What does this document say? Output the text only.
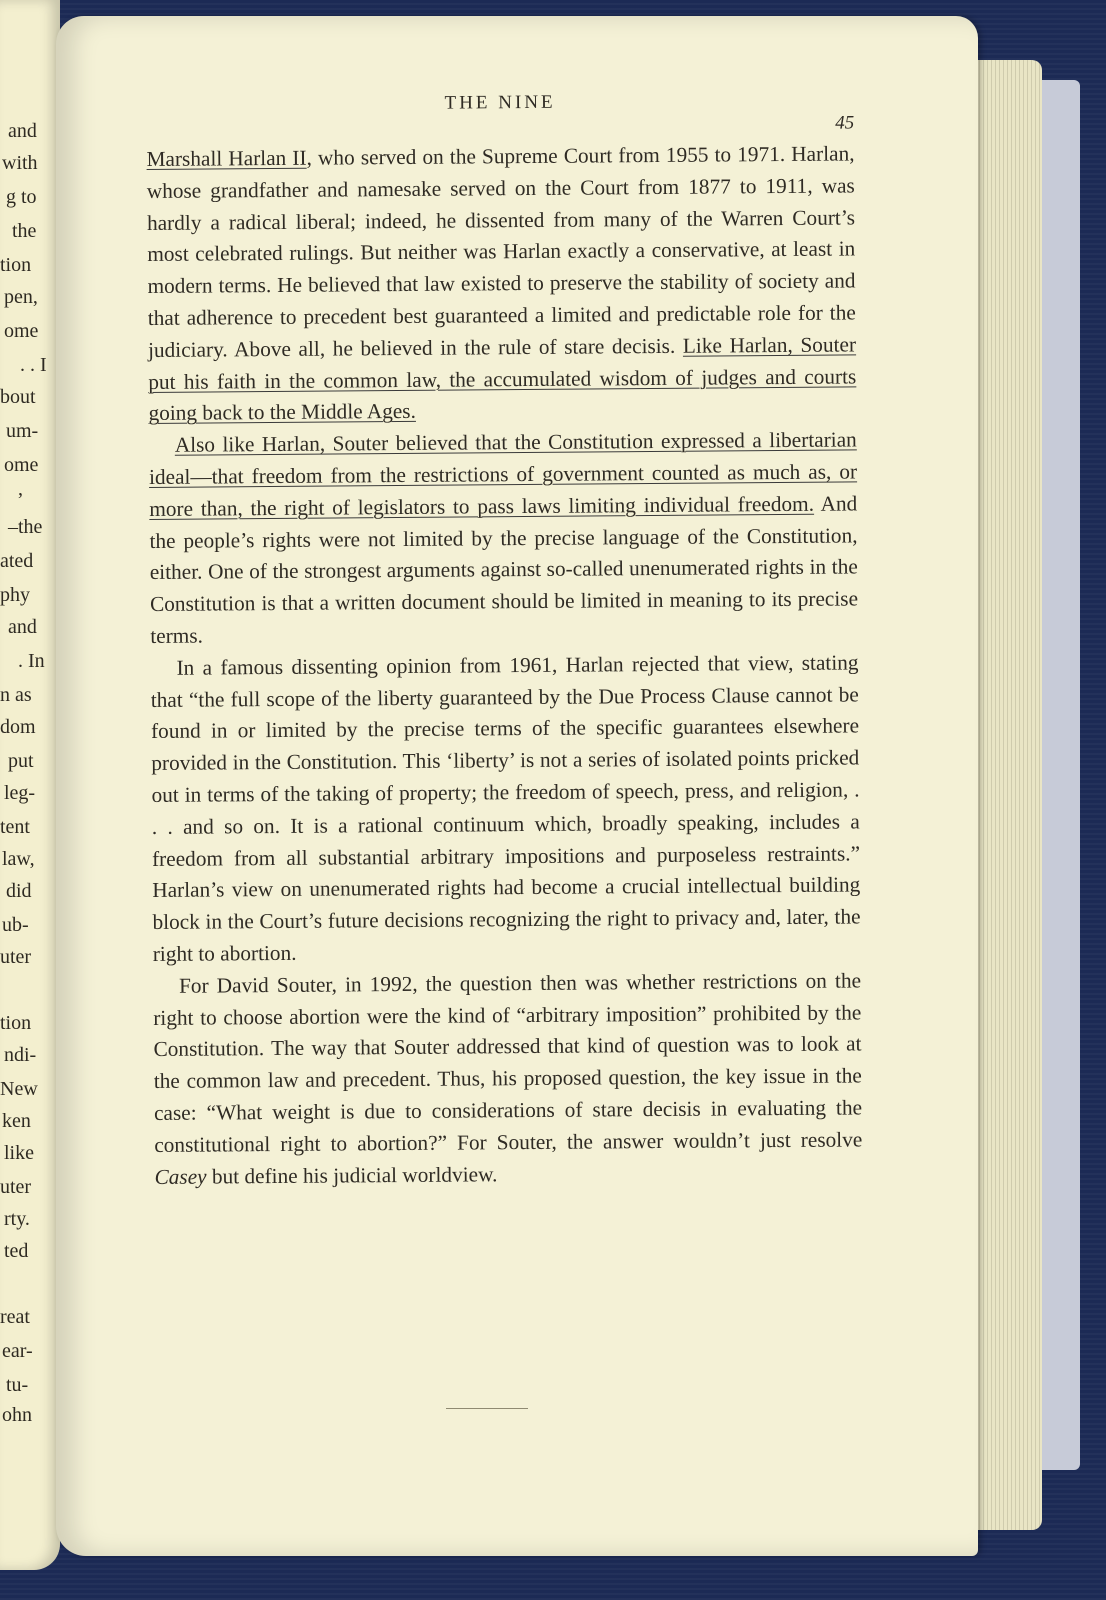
and
with
g to
the
tion
pen,
ome
. . I
bout
um-
ome
,
–the
ated
phy
and
. In
n as
dom
put
leg-
tent
law,
did
ub-
uter
tion
ndi-
New
ken
like
uter
rty.
ted
reat
ear-
tu-
ohn
THE NINE
45

Marshall Harlan II, who served on the Supreme Court from 1955 to 1971. Harlan, whose grandfather and namesake served on the Court from 1877 to 1911, was hardly a radical liberal; indeed, he dissented from many of the Warren Court’s most celebrated rulings. But neither was Harlan exactly a conservative, at least in modern terms. He believed that law existed to preserve the stability of society and that adherence to precedent best guaranteed a limited and predictable role for the judiciary. Above all, he believed in the rule of stare decisis. Like Harlan, Souter put his faith in the common law, the accumulated wisdom of judges and courts going back to the Middle Ages.

Also like Harlan, Souter believed that the Constitution expressed a libertarian ideal—that freedom from the restrictions of government counted as much as, or more than, the right of legislators to pass laws limiting individual freedom. And the people’s rights were not limited by the precise language of the Constitution, either. One of the strongest arguments against so-called unenumerated rights in the Constitution is that a written document should be limited in meaning to its precise terms.

In a famous dissenting opinion from 1961, Harlan rejected that view, stating that “the full scope of the liberty guaranteed by the Due Process Clause cannot be found in or limited by the precise terms of the specific guarantees elsewhere provided in the Constitution. This ‘liberty’ is not a series of isolated points pricked out in terms of the taking of property; the freedom of speech, press, and religion, . . . and so on. It is a rational continuum which, broadly speaking, includes a freedom from all substantial arbitrary impositions and purposeless restraints.” Harlan’s view on unenumerated rights had become a crucial intellectual building block in the Court’s future decisions recognizing the right to privacy and, later, the right to abortion.

For David Souter, in 1992, the question then was whether restrictions on the right to choose abortion were the kind of “arbitrary imposition” prohibited by the Constitution. The way that Souter addressed that kind of question was to look at the common law and precedent. Thus, his proposed question, the key issue in the case: “What weight is due to considerations of stare decisis in evaluating the constitutional right to abortion?” For Souter, the answer wouldn’t just resolve Casey but define his judicial worldview.
